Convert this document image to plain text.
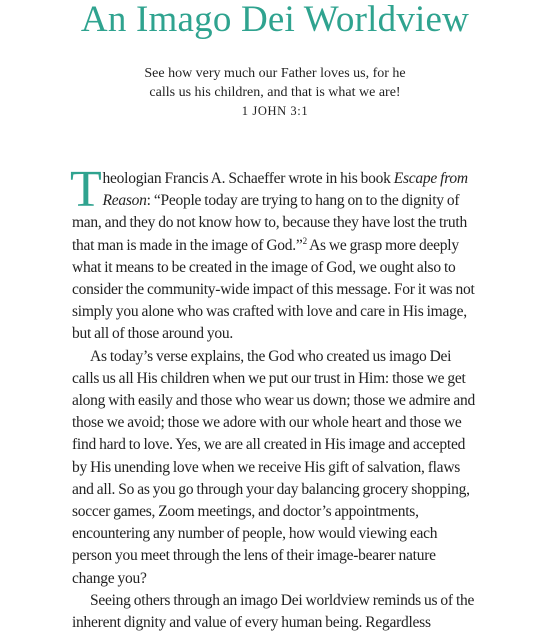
An Imago Dei Worldview
See how very much our Father loves us, for he
calls us his children, and that is what we are!
1 JOHN 3:1

Theologian Francis A. Schaeffer wrote in his book Escape from Reason: “People today are trying to hang on to the dignity of man, and they do not know how to, because they have lost the truth that man is made in the image of God.”$^2$ As we grasp more deeply what it means to be created in the image of God, we ought also to consider the community-wide impact of this message. For it was not simply you alone who was crafted with love and care in His image, but all of those around you.

As today’s verse explains, the God who created us imago Dei calls us all His children when we put our trust in Him: those we get along with easily and those who wear us down; those we admire and those we avoid; those we adore with our whole heart and those we find hard to love. Yes, we are all created in His image and accepted by His unending love when we receive His gift of salvation, flaws and all. So as you go through your day balancing grocery shopping, soccer games, Zoom meetings, and doctor’s appointments, encountering any number of people, how would viewing each person you meet through the lens of their image-bearer nature change you?

Seeing others through an imago Dei worldview reminds us of the inherent dignity and value of every human being. Regardless
